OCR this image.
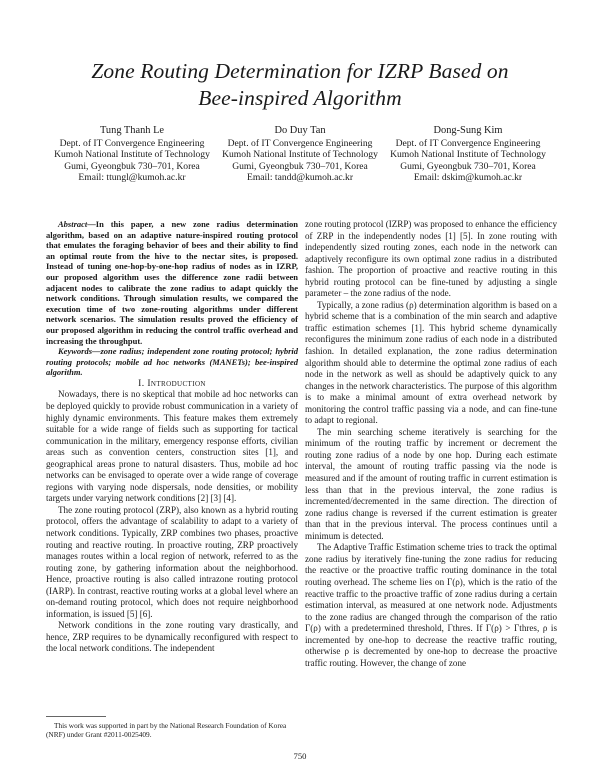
Zone Routing Determination for IZRP Based on
Bee-inspired Algorithm
Tung Thanh Le
Dept. of IT Convergence Engineering
Kumoh National Institute of Technology
Gumi, Gyeongbuk 730–701, Korea
Email: ttungl@kumoh.ac.kr
Do Duy Tan
Dept. of IT Convergence Engineering
Kumoh National Institute of Technology
Gumi, Gyeongbuk 730–701, Korea
Email: tandd@kumoh.ac.kr
Dong-Sung Kim
Dept. of IT Convergence Engineering
Kumoh National Institute of Technology
Gumi, Gyeongbuk 730–701, Korea
Email: dskim@kumoh.ac.kr

Abstract—In this paper, a new zone radius determination algorithm, based on an adaptive nature-inspired routing protocol that emulates the foraging behavior of bees and their ability to find an optimal route from the hive to the nectar sites, is proposed. Instead of tuning one-hop-by-one-hop radius of nodes as in IZRP, our proposed algorithm uses the difference zone radii between adjacent nodes to calibrate the zone radius to adapt quickly the network conditions. Through simulation results, we compared the execution time of two zone-routing algorithms under different network scenarios. The simulation results proved the efficiency of our proposed algorithm in reducing the control traffic overhead and increasing the throughput.

Keywords—zone radius; independent zone routing protocol; hybrid routing protocols; mobile ad hoc networks (MANETs); bee-inspired algorithm.

I. Introduction

Nowadays, there is no skeptical that mobile ad hoc networks can be deployed quickly to provide robust communication in a variety of highly dynamic environments. This feature makes them extremely suitable for a wide range of fields such as supporting for tactical communication in the military, emergency response efforts, civilian areas such as convention centers, construction sites [1], and geographical areas prone to natural disasters. Thus, mobile ad hoc networks can be envisaged to operate over a wide range of coverage regions with varying node dispersals, node densities, or mobility targets under varying network conditions [2] [3] [4].

The zone routing protocol (ZRP), also known as a hybrid routing protocol, offers the advantage of scalability to adapt to a variety of network conditions. Typically, ZRP combines two phases, proactive routing and reactive routing. In proactive routing, ZRP proactively manages routes within a local region of network, referred to as the routing zone, by gathering information about the neighborhood. Hence, proactive routing is also called intrazone routing protocol (IARP). In contrast, reactive routing works at a global level where an on-demand routing protocol, which does not require neighborhood information, is issued [5] [6].

Network conditions in the zone routing vary drastically, and hence, ZRP requires to be dynamically reconfigured with respect to the local network conditions. The independent

zone routing protocol (IZRP) was proposed to enhance the efficiency of ZRP in the independently nodes [1] [5]. In zone routing with independently sized routing zones, each node in the network can adaptively reconfigure its own optimal zone radius in a distributed fashion. The proportion of proactive and reactive routing in this hybrid routing protocol can be fine-tuned by adjusting a single parameter – the zone radius of the node.

Typically, a zone radius (ρ) determination algorithm is based on a hybrid scheme that is a combination of the min search and adaptive traffic estimation schemes [1]. This hybrid scheme dynamically reconfigures the minimum zone radius of each node in a distributed fashion. In detailed explanation, the zone radius determination algorithm should able to determine the optimal zone radius of each node in the network as well as should be adaptively quick to any changes in the network characteristics. The purpose of this algorithm is to make a minimal amount of extra overhead network by monitoring the control traffic passing via a node, and can fine-tune to adapt to regional.

The min searching scheme iteratively is searching for the minimum of the routing traffic by increment or decrement the routing zone radius of a node by one hop. During each estimate interval, the amount of routing traffic passing via the node is measured and if the amount of routing traffic in current estimation is less than that in the previous interval, the zone radius is incremented/decremented in the same direction. The direction of zone radius change is reversed if the current estimation is greater than that in the previous interval. The process continues until a minimum is detected.

The Adaptive Traffic Estimation scheme tries to track the optimal zone radius by iteratively fine-tuning the zone radius for reducing the reactive or the proactive traffic routing dominance in the total routing overhead. The scheme lies on Γ(ρ), which is the ratio of the reactive traffic to the proactive traffic of zone radius during a certain estimation interval, as measured at one network node. Adjustments to the zone radius are changed through the comparison of the ratio Γ(ρ) with a predetermined threshold, Γthres. If Γ(ρ) > Γthres, ρ is incremented by one-hop to decrease the reactive traffic routing, otherwise ρ is decremented by one-hop to decrease the proactive traffic routing. However, the change of zone

This work was supported in part by the National Research Foundation of Korea (NRF) under Grant #2011-0025409.
750
